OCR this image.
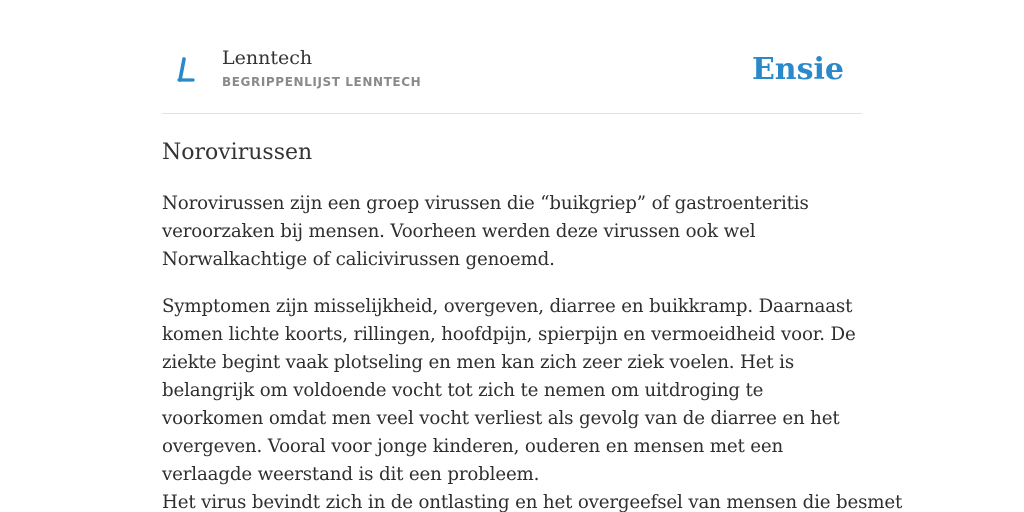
Lenntech
BEGRIPPENLIJST LENNTECH	Ensie
Norovirussen

Norovirussen zijn een groep virussen die “buikgriep” of gastroenteritis veroorzaken bij mensen. Voorheen werden deze virussen ook wel Norwalkachtige of calicivirussen genoemd.

Symptomen zijn misselijkheid, overgeven, diarree en buikkramp. Daarnaast komen lichte koorts, rillingen, hoofdpijn, spierpijn en vermoeidheid voor. De ziekte begint vaak plotseling en men kan zich zeer ziek voelen. Het is belangrijk om voldoende vocht tot zich te nemen om uitdroging te voorkomen omdat men veel vocht verliest als gevolg van de diarree en het overgeven. Vooral voor jonge kinderen, ouderen en mensen met een verlaagde weerstand is dit een probleem.

Het virus bevindt zich in de ontlasting en het overgeefsel van mensen die besmet
